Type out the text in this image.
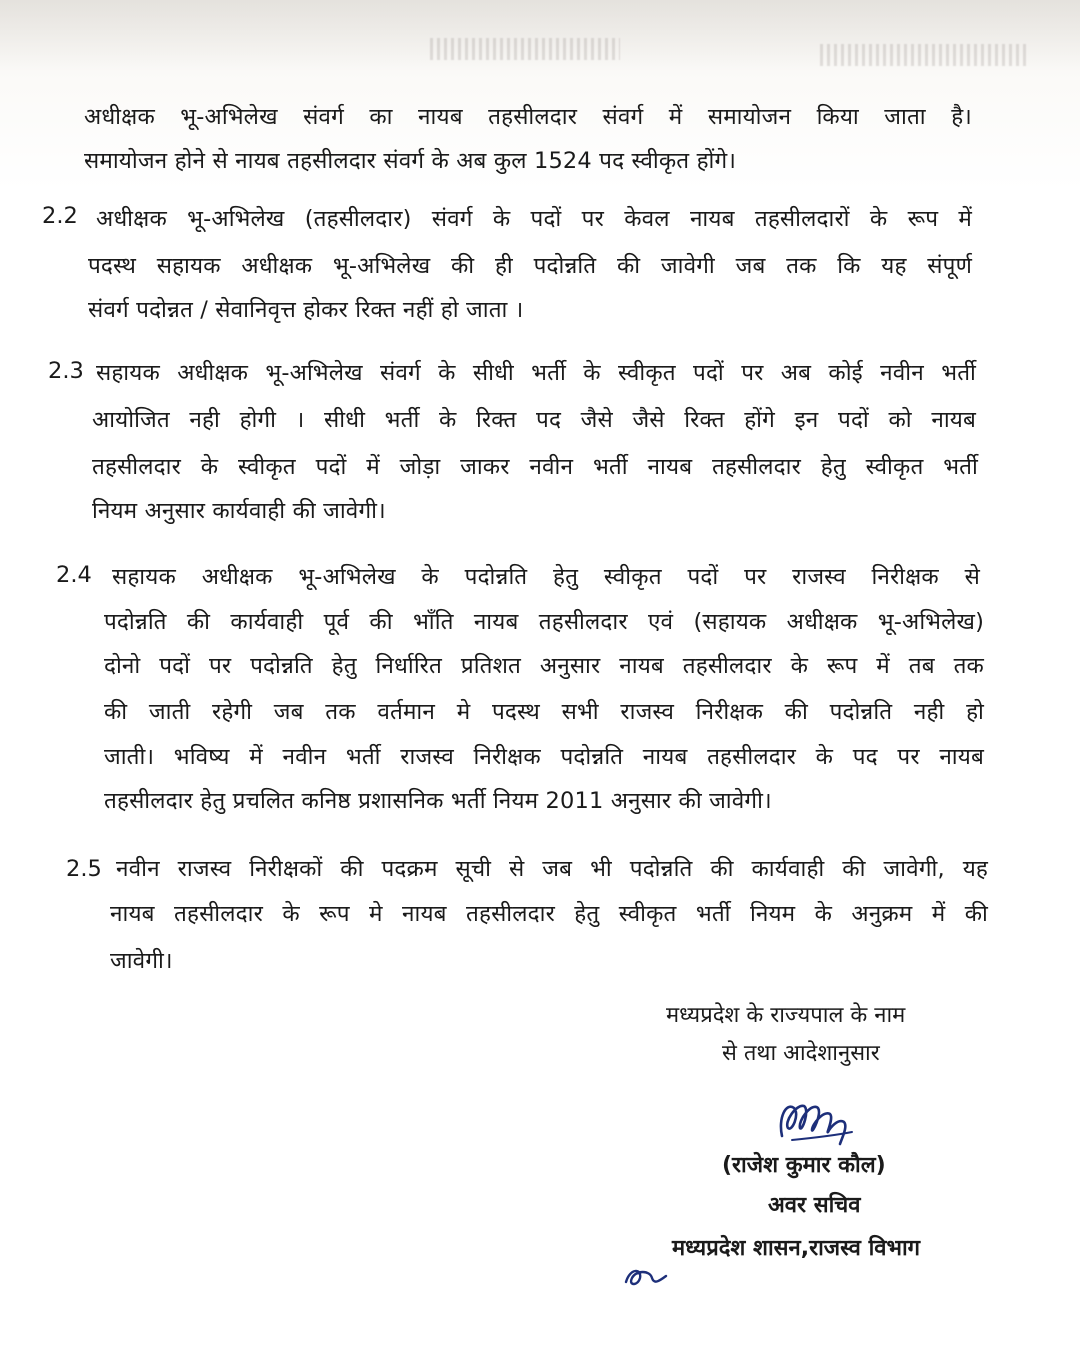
अधीक्षक भू-अभिलेख संवर्ग का नायब तहसीलदार संवर्ग में समायोजन किया जाता है।
समायोजन होने से नायब तहसीलदार संवर्ग के अब कुल 1524 पद स्वीकृत होंगे।
2.2 अधीक्षक भू-अभिलेख (तहसीलदार) संवर्ग के पदों पर केवल नायब तहसीलदारों के रूप में
पदस्थ सहायक अधीक्षक भू-अभिलेख की ही पदोन्नति की जावेगी जब तक कि यह संपूर्ण
संवर्ग पदोन्नत / सेवानिवृत्त होकर रिक्त नहीं हो जाता ।
2.3 सहायक अधीक्षक भू-अभिलेख संवर्ग के सीधी भर्ती के स्वीकृत पदों पर अब कोई नवीन भर्ती
आयोजित नही होगी । सीधी भर्ती के रिक्त पद जैसे जैसे रिक्त होंगे इन पदों को नायब
तहसीलदार के स्वीकृत पदों में जोड़ा जाकर नवीन भर्ती नायब तहसीलदार हेतु स्वीकृत भर्ती
नियम अनुसार कार्यवाही की जावेगी।
2.4 सहायक अधीक्षक भू-अभिलेख के पदोन्नति हेतु स्वीकृत पदों पर राजस्व निरीक्षक से
पदोन्नति की कार्यवाही पूर्व की भाँति नायब तहसीलदार एवं (सहायक अधीक्षक भू-अभिलेख)
दोनो पदों पर पदोन्नति हेतु निर्धारित प्रतिशत अनुसार नायब तहसीलदार के रूप में तब तक
की जाती रहेगी जब तक वर्तमान मे पदस्थ सभी राजस्व निरीक्षक की पदोन्नति नही हो
जाती। भविष्य में नवीन भर्ती राजस्व निरीक्षक पदोन्नति नायब तहसीलदार के पद पर नायब
तहसीलदार हेतु प्रचलित कनिष्ठ प्रशासनिक भर्ती नियम 2011 अनुसार की जावेगी।
2.5 नवीन राजस्व निरीक्षकों की पदक्रम सूची से जब भी पदोन्नति की कार्यवाही की जावेगी, यह
नायब तहसीलदार के रूप मे नायब तहसीलदार हेतु स्वीकृत भर्ती नियम के अनुक्रम में की
जावेगी।
मध्यप्रदेश के राज्यपाल के नाम
से तथा आदेशानुसार
(राजेश कुमार कौल)
अवर सचिव
मध्यप्रदेश शासन,राजस्व विभाग
